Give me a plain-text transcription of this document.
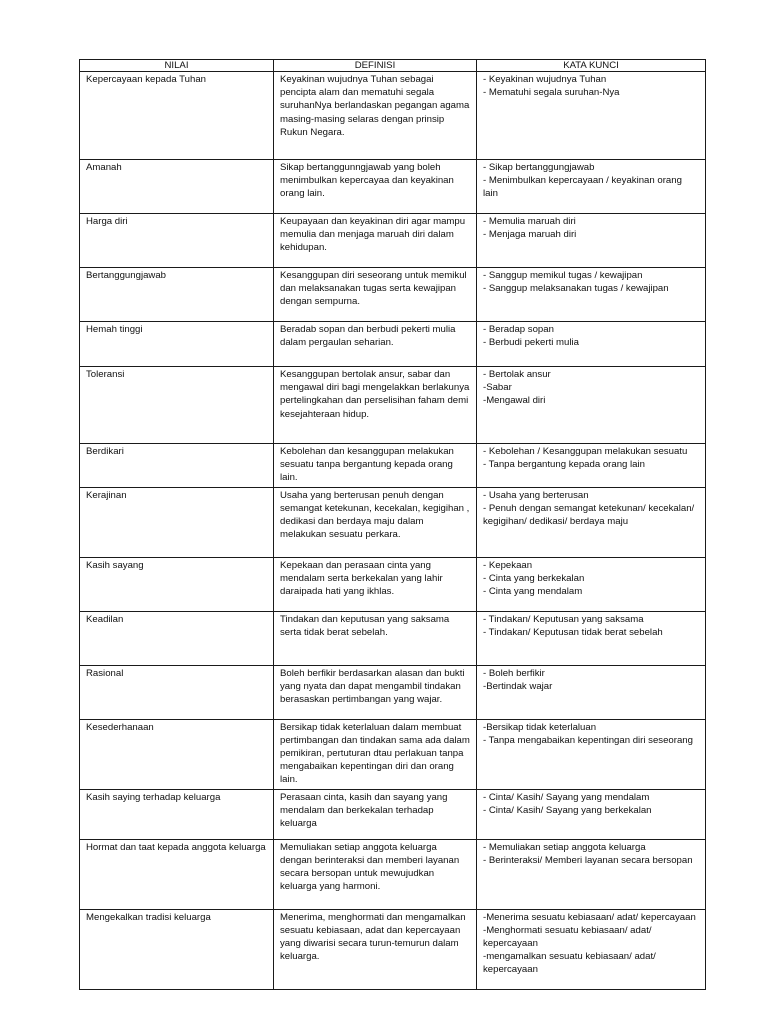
NILAI	DEFINISI	KATA KUNCI
Kepercayaan kepada Tuhan	Keyakinan wujudnya Tuhan sebagai pencipta alam dan mematuhi segala suruhanNya berlandaskan pegangan agama masing-masing selaras dengan prinsip Rukun Negara.	- Keyakinan wujudnya Tuhan
- Mematuhi segala suruhan-Nya

Amanah	Sikap bertanggunngjawab yang boleh menimbulkan kepercayaa dan keyakinan orang lain.	- Sikap bertanggungjawab
- Menimbulkan kepercayaan / keyakinan orang lain

Harga diri	Keupayaan dan keyakinan diri agar mampu memulia dan menjaga maruah diri dalam kehidupan.	- Memulia maruah diri
- Menjaga maruah diri

Bertanggungjawab	Kesanggupan diri seseorang untuk memikul dan melaksanakan tugas serta kewajipan dengan sempurna.	- Sanggup memikul tugas / kewajipan
- Sanggup melaksanakan tugas / kewajipan

Hemah tinggi	Beradab sopan dan berbudi pekerti mulia dalam pergaulan seharian.	- Beradap sopan
- Berbudi pekerti mulia

Toleransi	Kesanggupan bertolak ansur, sabar dan mengawal diri bagi mengelakkan berlakunya pertelingkahan dan perselisihan faham demi kesejahteraan hidup.	- Bertolak ansur
-Sabar
-Mengawal diri

Berdikari	Kebolehan dan kesanggupan melakukan sesuatu tanpa bergantung kepada orang lain.	- Kebolehan / Kesanggupan melakukan sesuatu
- Tanpa bergantung kepada orang lain

Kerajinan	Usaha yang berterusan penuh dengan semangat ketekunan, kecekalan, kegigihan , dedikasi dan berdaya maju dalam melakukan sesuatu perkara.	- Usaha yang berterusan
- Penuh dengan semangat ketekunan/ kecekalan/ kegigihan/ dedikasi/ berdaya maju

Kasih sayang	Kepekaan dan perasaan cinta yang mendalam serta berkekalan yang lahir daraipada hati yang ikhlas.	- Kepekaan
- Cinta yang berkekalan
- Cinta yang mendalam

Keadilan	Tindakan dan keputusan yang saksama serta tidak berat sebelah.	- Tindakan/ Keputusan yang saksama
- Tindakan/ Keputusan tidak berat sebelah

Rasional	Boleh berfikir berdasarkan alasan dan bukti yang nyata dan dapat mengambil tindakan berasaskan pertimbangan yang wajar.	- Boleh berfikir
-Bertindak wajar

Kesederhanaan	Bersikap tidak keterlaluan dalam membuat pertimbangan dan tindakan sama ada dalam pemikiran, pertuturan dtau perlakuan tanpa mengabaikan kepentingan diri dan orang lain.	-Bersikap tidak keterlaluan
- Tanpa mengabaikan kepentingan diri seseorang

Kasih saying terhadap keluarga	Perasaan cinta, kasih dan sayang yang mendalam dan berkekalan terhadap keluarga	- Cinta/ Kasih/ Sayang yang mendalam
- Cinta/ Kasih/ Sayang yang berkekalan

Hormat dan taat kepada anggota keluarga	Memuliakan setiap anggota keluarga dengan berinteraksi dan memberi layanan secara bersopan untuk mewujudkan keluarga yang harmoni.	- Memuliakan setiap anggota keluarga
- Berinteraksi/ Memberi layanan secara bersopan

Mengekalkan tradisi keluarga	Menerima, menghormati dan mengamalkan sesuatu kebiasaan, adat dan kepercayaan yang diwarisi secara turun-temurun dalam keluarga.	-Menerima sesuatu kebiasaan/ adat/ kepercayaan
-Menghormati sesuatu kebiasaan/ adat/ kepercayaan
-mengamalkan sesuatu kebiasaan/ adat/ kepercayaan
